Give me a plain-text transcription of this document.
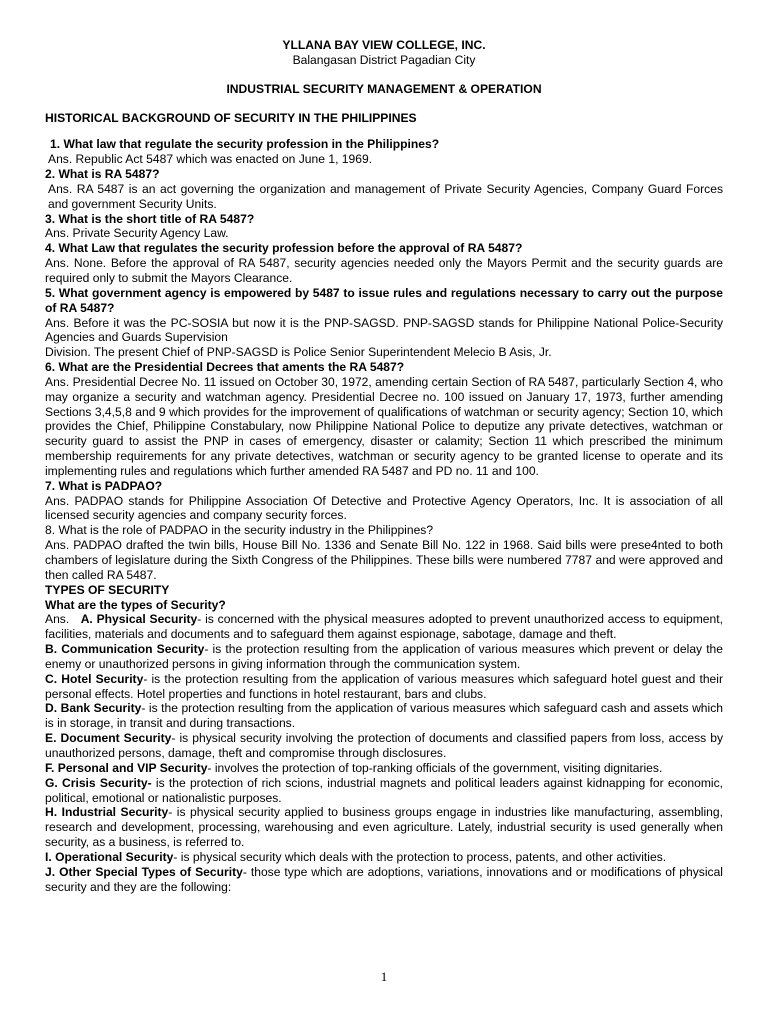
YLLANA BAY VIEW COLLEGE, INC.
Balangasan District Pagadian City
INDUSTRIAL SECURITY MANAGEMENT & OPERATION
HISTORICAL BACKGROUND OF SECURITY IN THE PHILIPPINES
1. What law that regulate the security profession in the Philippines?
Ans. Republic Act 5487 which was enacted on June 1, 1969.
2. What is RA 5487?
Ans. RA 5487 is an act governing the organization and management of Private Security Agencies, Company Guard Forces and government Security Units.
3. What is the short title of RA 5487?
Ans. Private Security Agency Law.
4. What Law that regulates the security profession before the approval of RA 5487?
Ans. None. Before the approval of RA 5487, security agencies needed only the Mayors Permit and the security guards are required only to submit the Mayors Clearance.
5. What government agency is empowered by 5487 to issue rules and regulations necessary to carry out the purpose of RA 5487?
Ans. Before it was the PC-SOSIA but now it is the PNP-SAGSD. PNP-SAGSD stands for Philippine National Police-Security Agencies and Guards Supervision
Division. The present Chief of PNP-SAGSD is Police Senior Superintendent Melecio B Asis, Jr.
6. What are the Presidential Decrees that aments the RA 5487?
Ans. Presidential Decree No. 11 issued on October 30, 1972, amending certain Section of RA 5487, particularly Section 4, who may organize a security and watchman agency. Presidential Decree no. 100 issued on January 17, 1973, further amending Sections 3,4,5,8 and 9 which provides for the improvement of qualifications of watchman or security agency; Section 10, which provides the Chief, Philippine Constabulary, now Philippine National Police to deputize any private detectives, watchman or security guard to assist the PNP in cases of emergency, disaster or calamity; Section 11 which prescribed the minimum membership requirements for any private detectives, watchman or security agency to be granted license to operate and its implementing rules and regulations which further amended RA 5487 and PD no. 11 and 100.
7. What is PADPAO?
Ans. PADPAO stands for Philippine Association Of Detective and Protective Agency Operators, Inc. It is association of all licensed security agencies and company security forces.
8. What is the role of PADPAO in the security industry in the Philippines?
Ans. PADPAO drafted the twin bills, House Bill No. 1336 and Senate Bill No. 122 in 1968. Said bills were prese4nted to both chambers of legislature during the Sixth Congress of the Philippines. These bills were numbered 7787 and were approved and then called RA 5487.
TYPES OF SECURITY
What are the types of Security?
Ans.   A. Physical Security- is concerned with the physical measures adopted to prevent unauthorized access to equipment, facilities, materials and documents and to safeguard them against espionage, sabotage, damage and theft.
B. Communication Security- is the protection resulting from the application of various measures which prevent or delay the enemy or unauthorized persons in giving information through the communication system.
C. Hotel Security- is the protection resulting from the application of various measures which safeguard hotel guest and their personal effects. Hotel properties and functions in hotel restaurant, bars and clubs.
D. Bank Security- is the protection resulting from the application of various measures which safeguard cash and assets which is in storage, in transit and during transactions.
E. Document Security- is physical security involving the protection of documents and classified papers from loss, access by unauthorized persons, damage, theft and compromise through disclosures.
F. Personal and VIP Security- involves the protection of top-ranking officials of the government, visiting dignitaries.
G. Crisis Security- is the protection of rich scions, industrial magnets and political leaders against kidnapping for economic, political, emotional or nationalistic purposes.
H. Industrial Security- is physical security applied to business groups engage in industries like manufacturing, assembling, research and development, processing, warehousing and even agriculture. Lately, industrial security is used generally when security, as a business, is referred to.
I. Operational Security- is physical security which deals with the protection to process, patents, and other activities.
J. Other Special Types of Security- those type which are adoptions, variations, innovations and or modifications of physical security and they are the following:
1
